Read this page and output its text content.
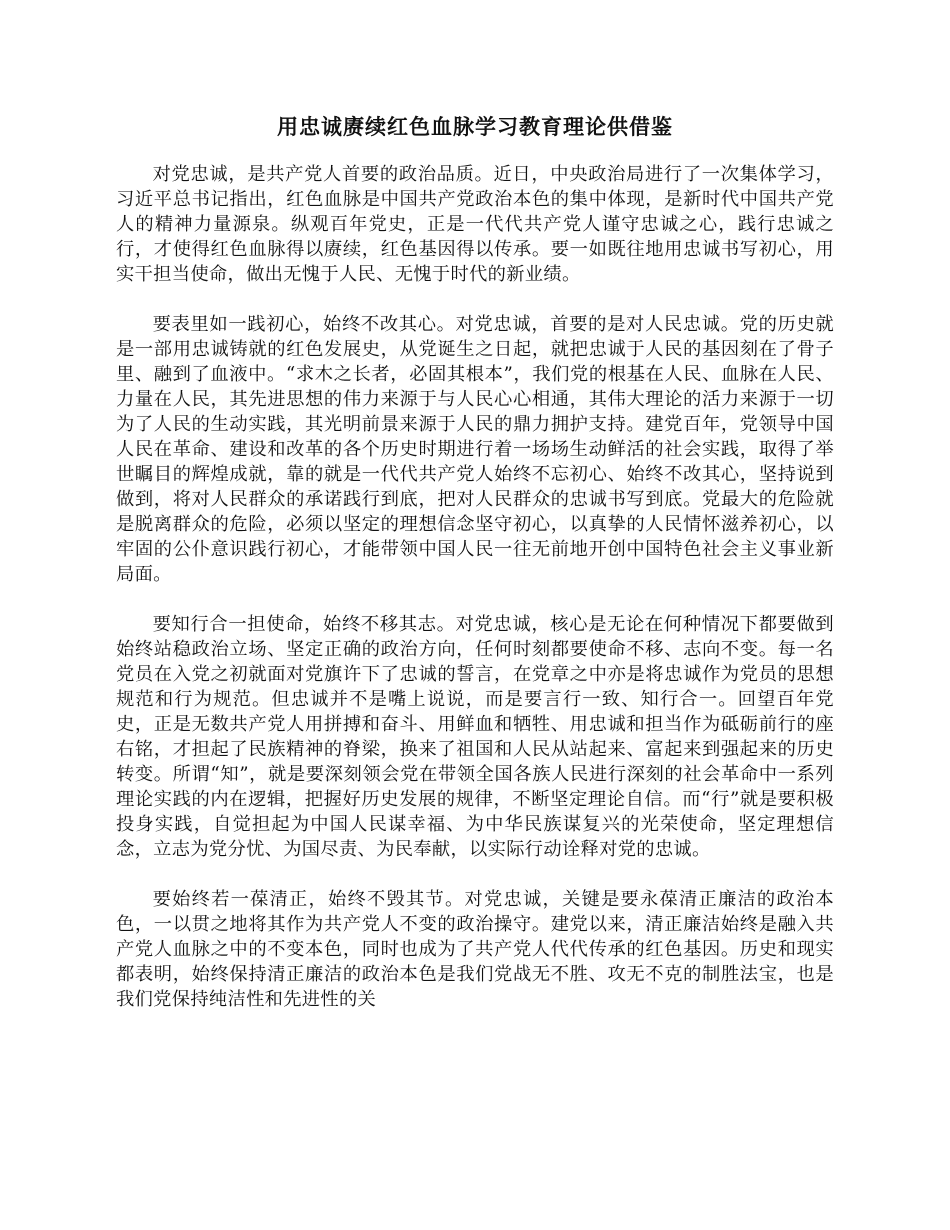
用忠诚赓续红色血脉学习教育理论供借鉴

对党忠诚，是共产党人首要的政治品质。近日，中央政治局进行了一次集体学习，习近平总书记指出，红色血脉是中国共产党政治本色的集中体现，是新时代中国共产党人的精神力量源泉。纵观百年党史，正是一代代共产党人谨守忠诚之心，践行忠诚之行，才使得红色血脉得以赓续，红色基因得以传承。要一如既往地用忠诚书写初心，用实干担当使命，做出无愧于人民、无愧于时代的新业绩。

要表里如一践初心，始终不改其心。对党忠诚，首要的是对人民忠诚。党的历史就是一部用忠诚铸就的红色发展史，从党诞生之日起，就把忠诚于人民的基因刻在了骨子里、融到了血液中。“求木之长者，必固其根本”，我们党的根基在人民、血脉在人民、力量在人民，其先进思想的伟力来源于与人民心心相通，其伟大理论的活力来源于一切为了人民的生动实践，其光明前景来源于人民的鼎力拥护支持。建党百年，党领导中国人民在革命、建设和改革的各个历史时期进行着一场场生动鲜活的社会实践，取得了举世瞩目的辉煌成就，靠的就是一代代共产党人始终不忘初心、始终不改其心，坚持说到做到，将对人民群众的承诺践行到底，把对人民群众的忠诚书写到底。党最大的危险就是脱离群众的危险，必须以坚定的理想信念坚守初心，以真挚的人民情怀滋养初心，以牢固的公仆意识践行初心，才能带领中国人民一往无前地开创中国特色社会主义事业新局面。

要知行合一担使命，始终不移其志。对党忠诚，核心是无论在何种情况下都要做到始终站稳政治立场、坚定正确的政治方向，任何时刻都要使命不移、志向不变。每一名党员在入党之初就面对党旗许下了忠诚的誓言，在党章之中亦是将忠诚作为党员的思想规范和行为规范。但忠诚并不是嘴上说说，而是要言行一致、知行合一。回望百年党史，正是无数共产党人用拼搏和奋斗、用鲜血和牺牲、用忠诚和担当作为砥砺前行的座右铭，才担起了民族精神的脊梁，换来了祖国和人民从站起来、富起来到强起来的历史转变。所谓“知”，就是要深刻领会党在带领全国各族人民进行深刻的社会革命中一系列理论实践的内在逻辑，把握好历史发展的规律，不断坚定理论自信。而“行”就是要积极投身实践，自觉担起为中国人民谋幸福、为中华民族谋复兴的光荣使命，坚定理想信念，立志为党分忧、为国尽责、为民奉献，以实际行动诠释对党的忠诚。

要始终若一葆清正，始终不毁其节。对党忠诚，关键是要永葆清正廉洁的政治本色，一以贯之地将其作为共产党人不变的政治操守。建党以来，清正廉洁始终是融入共产党人血脉之中的不变本色，同时也成为了共产党人代代传承的红色基因。历史和现实都表明，始终保持清正廉洁的政治本色是我们党战无不胜、攻无不克的制胜法宝，也是我们党保持纯洁性和先进性的关
